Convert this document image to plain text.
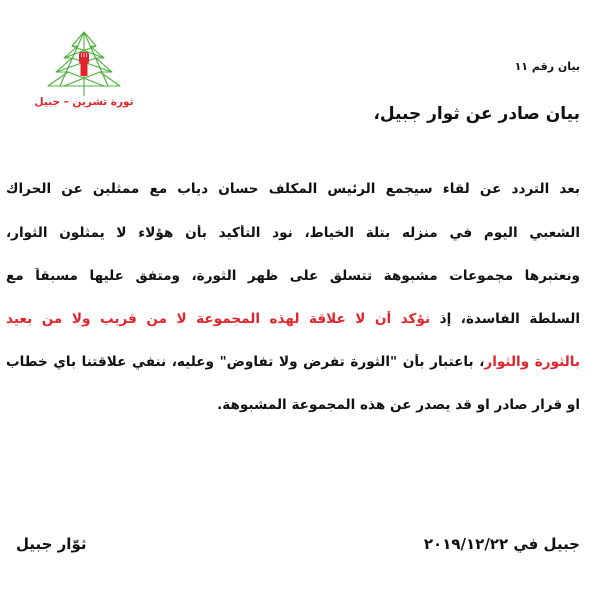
ثورة تشرين – جبيل
بيان رقم ١١
بيان صادر عن ثوار جبيل،
بعد التردد عن لقاء سيجمع الرئيس المكلف حسان دياب مع ممثلين عن الحراك
الشعبي اليوم في منزله بتلة الخياط، نود التأكيد بأن هؤلاء لا يمثلون الثوار،
ونعتبرها مجموعات مشبوهة تتسلق على ظهر الثورة، ومتفق عليها مسبقاً مع
السلطة الفاسدة، إذ نؤكد أن لا علاقة لهذه المجموعة لا من قريب ولا من بعيد
بالثورة والثوار، باعتبار بأن "الثورة تفرض ولا تفاوض" وعليه، ننفي علاقتنا باي خطاب
او قرار صادر او قد يصدر عن هذه المجموعة المشبوهة.
جبيل في ٢٠١٩/١٢/٢٢
ثوّار جبيل
